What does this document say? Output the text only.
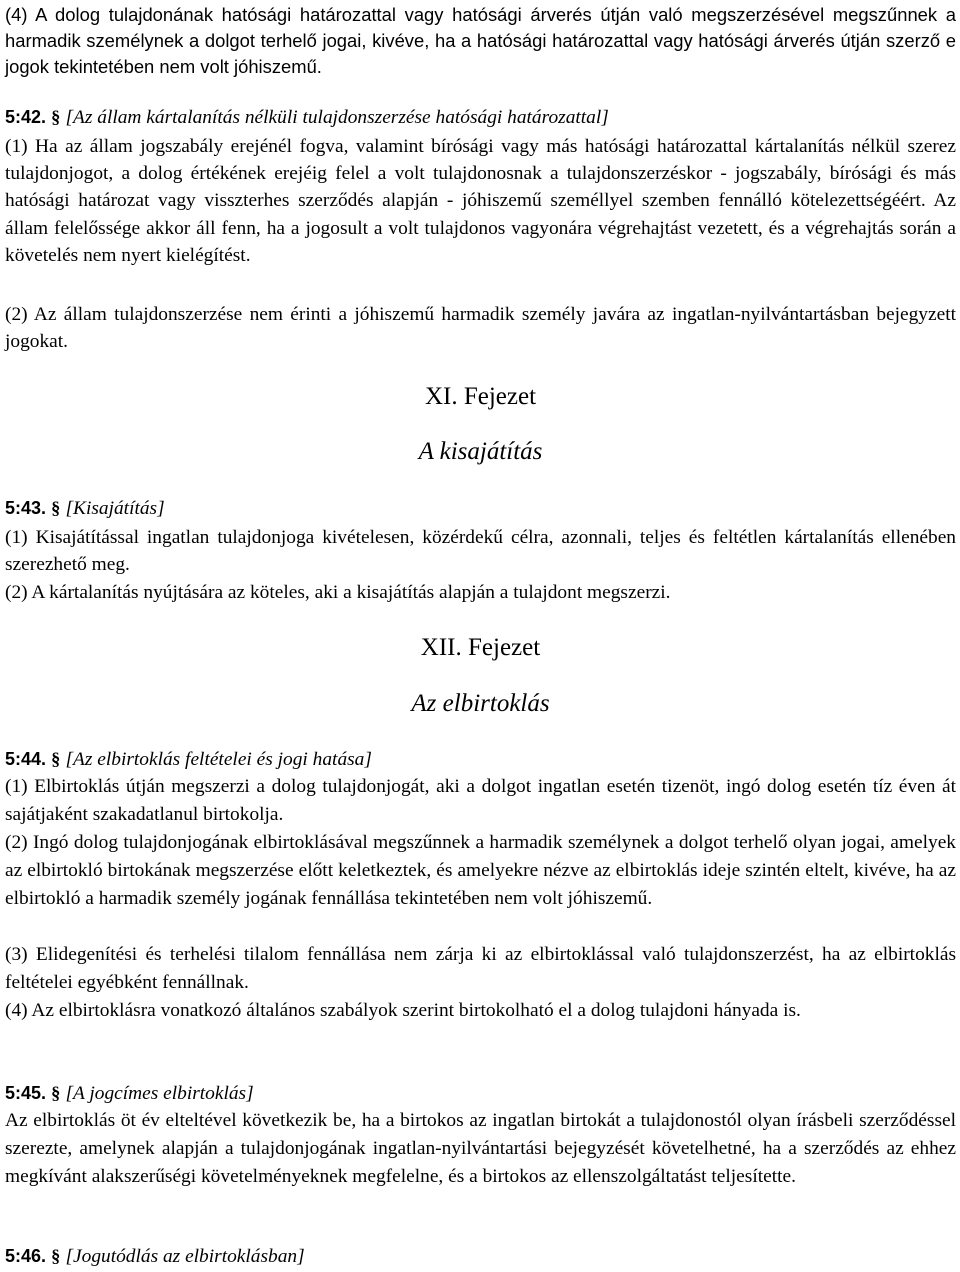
(4) A dolog tulajdonának hatósági határozattal vagy hatósági árverés útján való megszerzésével megszűnnek a harmadik személynek a dolgot terhelő jogai, kivéve, ha a hatósági határozattal vagy hatósági árverés útján szerző e jogok tekintetében nem volt jóhiszemű.

5:42. § [Az állam kártalanítás nélküli tulajdonszerzése hatósági határozattal]

(1) Ha az állam jogszabály erejénél fogva, valamint bírósági vagy más hatósági határozattal kártalanítás nélkül szerez tulajdonjogot, a dolog értékének erejéig felel a volt tulajdonosnak a tulajdonszerzéskor - jogszabály, bírósági és más hatósági határozat vagy visszterhes szerződés alapján - jóhiszemű személlyel szemben fennálló kötelezettségéért. Az állam felelőssége akkor áll fenn, ha a jogosult a volt tulajdonos vagyonára végrehajtást vezetett, és a végrehajtás során a követelés nem nyert kielégítést.

(2) Az állam tulajdonszerzése nem érinti a jóhiszemű harmadik személy javára az ingatlan-nyilvántartásban bejegyzett jogokat.

XI. Fejezet

A kisajátítás

5:43. § [Kisajátítás]

(1) Kisajátítással ingatlan tulajdonjoga kivételesen, közérdekű célra, azonnali, teljes és feltétlen kártalanítás ellenében szerezhető meg.

(2) A kártalanítás nyújtására az köteles, aki a kisajátítás alapján a tulajdont megszerzi.

XII. Fejezet

Az elbirtoklás

5:44. § [Az elbirtoklás feltételei és jogi hatása]

(1) Elbirtoklás útján megszerzi a dolog tulajdonjogát, aki a dolgot ingatlan esetén tizenöt, ingó dolog esetén tíz éven át sajátjaként szakadatlanul birtokolja.

(2) Ingó dolog tulajdonjogának elbirtoklásával megszűnnek a harmadik személynek a dolgot terhelő olyan jogai, amelyek az elbirtokló birtokának megszerzése előtt keletkeztek, és amelyekre nézve az elbirtoklás ideje szintén eltelt, kivéve, ha az elbirtokló a harmadik személy jogának fennállása tekintetében nem volt jóhiszemű.

(3) Elidegenítési és terhelési tilalom fennállása nem zárja ki az elbirtoklással való tulajdonszerzést, ha az elbirtoklás feltételei egyébként fennállnak.

(4) Az elbirtoklásra vonatkozó általános szabályok szerint birtokolható el a dolog tulajdoni hányada is.

5:45. § [A jogcímes elbirtoklás]

Az elbirtoklás öt év elteltével következik be, ha a birtokos az ingatlan birtokát a tulajdonostól olyan írásbeli szerződéssel szerezte, amelynek alapján a tulajdonjogának ingatlan-nyilvántartási bejegyzését követelhetné, ha a szerződés az ehhez megkívánt alakszerűségi követelményeknek megfelelne, és a birtokos az ellenszolgáltatást teljesítette.

5:46. § [Jogutódlás az elbirtoklásban]
